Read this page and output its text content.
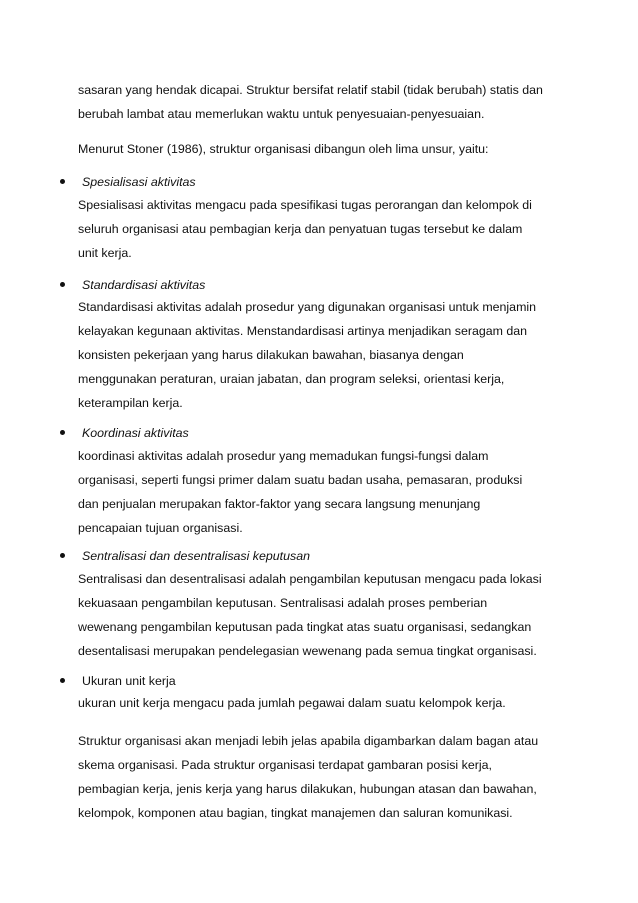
sasaran yang hendak dicapai. Struktur bersifat relatif stabil (tidak berubah) statis dan
berubah lambat atau memerlukan waktu untuk penyesuaian-penyesuaian.
Menurut Stoner (1986), struktur organisasi dibangun oleh lima unsur, yaitu:
Spesialisasi aktivitas
Spesialisasi aktivitas mengacu pada spesifikasi tugas perorangan dan kelompok di
seluruh organisasi atau pembagian kerja dan penyatuan tugas tersebut ke dalam
unit kerja.
Standardisasi aktivitas
Standardisasi aktivitas adalah prosedur yang digunakan organisasi untuk menjamin
kelayakan kegunaan aktivitas. Menstandardisasi artinya menjadikan seragam dan
konsisten pekerjaan yang harus dilakukan bawahan, biasanya dengan
menggunakan peraturan, uraian jabatan, dan program seleksi, orientasi kerja,
keterampilan kerja.
Koordinasi aktivitas
koordinasi aktivitas adalah prosedur yang memadukan fungsi-fungsi dalam
organisasi, seperti fungsi primer dalam suatu badan usaha, pemasaran, produksi
dan penjualan merupakan faktor-faktor yang secara langsung menunjang
pencapaian tujuan organisasi.
Sentralisasi dan desentralisasi keputusan
Sentralisasi dan desentralisasi adalah pengambilan keputusan mengacu pada lokasi
kekuasaan pengambilan keputusan. Sentralisasi adalah proses pemberian
wewenang pengambilan keputusan pada tingkat atas suatu organisasi, sedangkan
desentalisasi merupakan pendelegasian wewenang pada semua tingkat organisasi.
Ukuran unit kerja
ukuran unit kerja mengacu pada jumlah pegawai dalam suatu kelompok kerja.
Struktur organisasi akan menjadi lebih jelas apabila digambarkan dalam bagan atau
skema organisasi. Pada struktur organisasi terdapat gambaran posisi kerja,
pembagian kerja, jenis kerja yang harus dilakukan, hubungan atasan dan bawahan,
kelompok, komponen atau bagian, tingkat manajemen dan saluran komunikasi.
